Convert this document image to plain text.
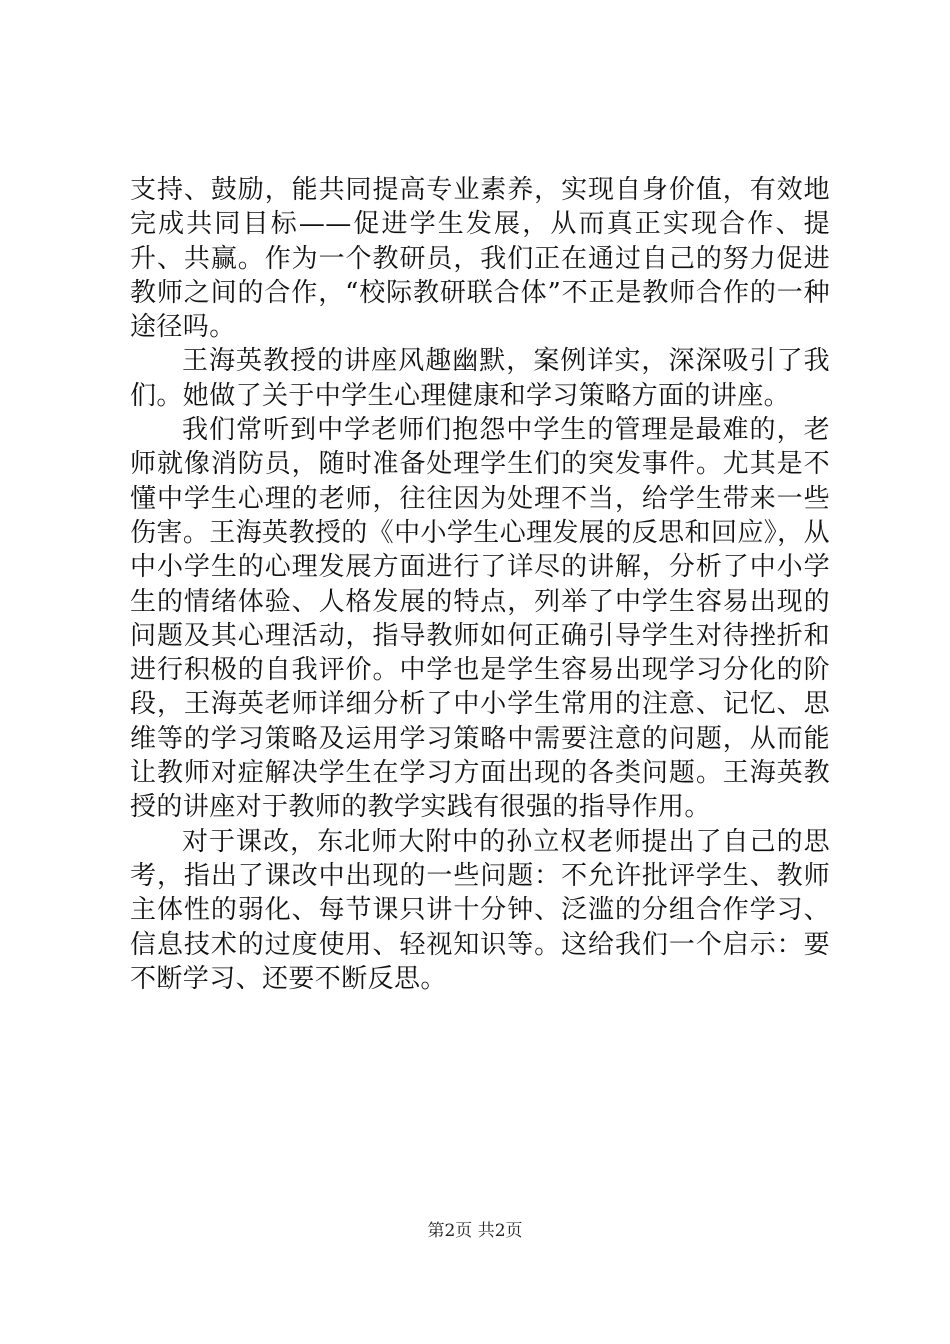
支持、鼓励，能共同提高专业素养，实现自身价值，有效地完成共同目标——促进学生发展，从而真正实现合作、提升、共赢。作为一个教研员，我们正在通过自己的努力促进教师之间的合作，“校际教研联合体”不正是教师合作的一种途径吗。

王海英教授的讲座风趣幽默，案例详实，深深吸引了我们。她做了关于中学生心理健康和学习策略方面的讲座。

我们常听到中学老师们抱怨中学生的管理是最难的，老师就像消防员，随时准备处理学生们的突发事件。尤其是不懂中学生心理的老师，往往因为处理不当，给学生带来一些伤害。王海英教授的《中小学生心理发展的反思和回应》，从中小学生的心理发展方面进行了详尽的讲解，分析了中小学生的情绪体验、人格发展的特点，列举了中学生容易出现的问题及其心理活动，指导教师如何正确引导学生对待挫折和进行积极的自我评价。中学也是学生容易出现学习分化的阶段，王海英老师详细分析了中小学生常用的注意、记忆、思维等的学习策略及运用学习策略中需要注意的问题，从而能让教师对症解决学生在学习方面出现的各类问题。王海英教授的讲座对于教师的教学实践有很强的指导作用。

对于课改，东北师大附中的孙立权老师提出了自己的思考，指出了课改中出现的一些问题：不允许批评学生、教师主体性的弱化、每节课只讲十分钟、泛滥的分组合作学习、信息技术的过度使用、轻视知识等。这给我们一个启示：要不断学习、还要不断反思。

第2页 共2页
